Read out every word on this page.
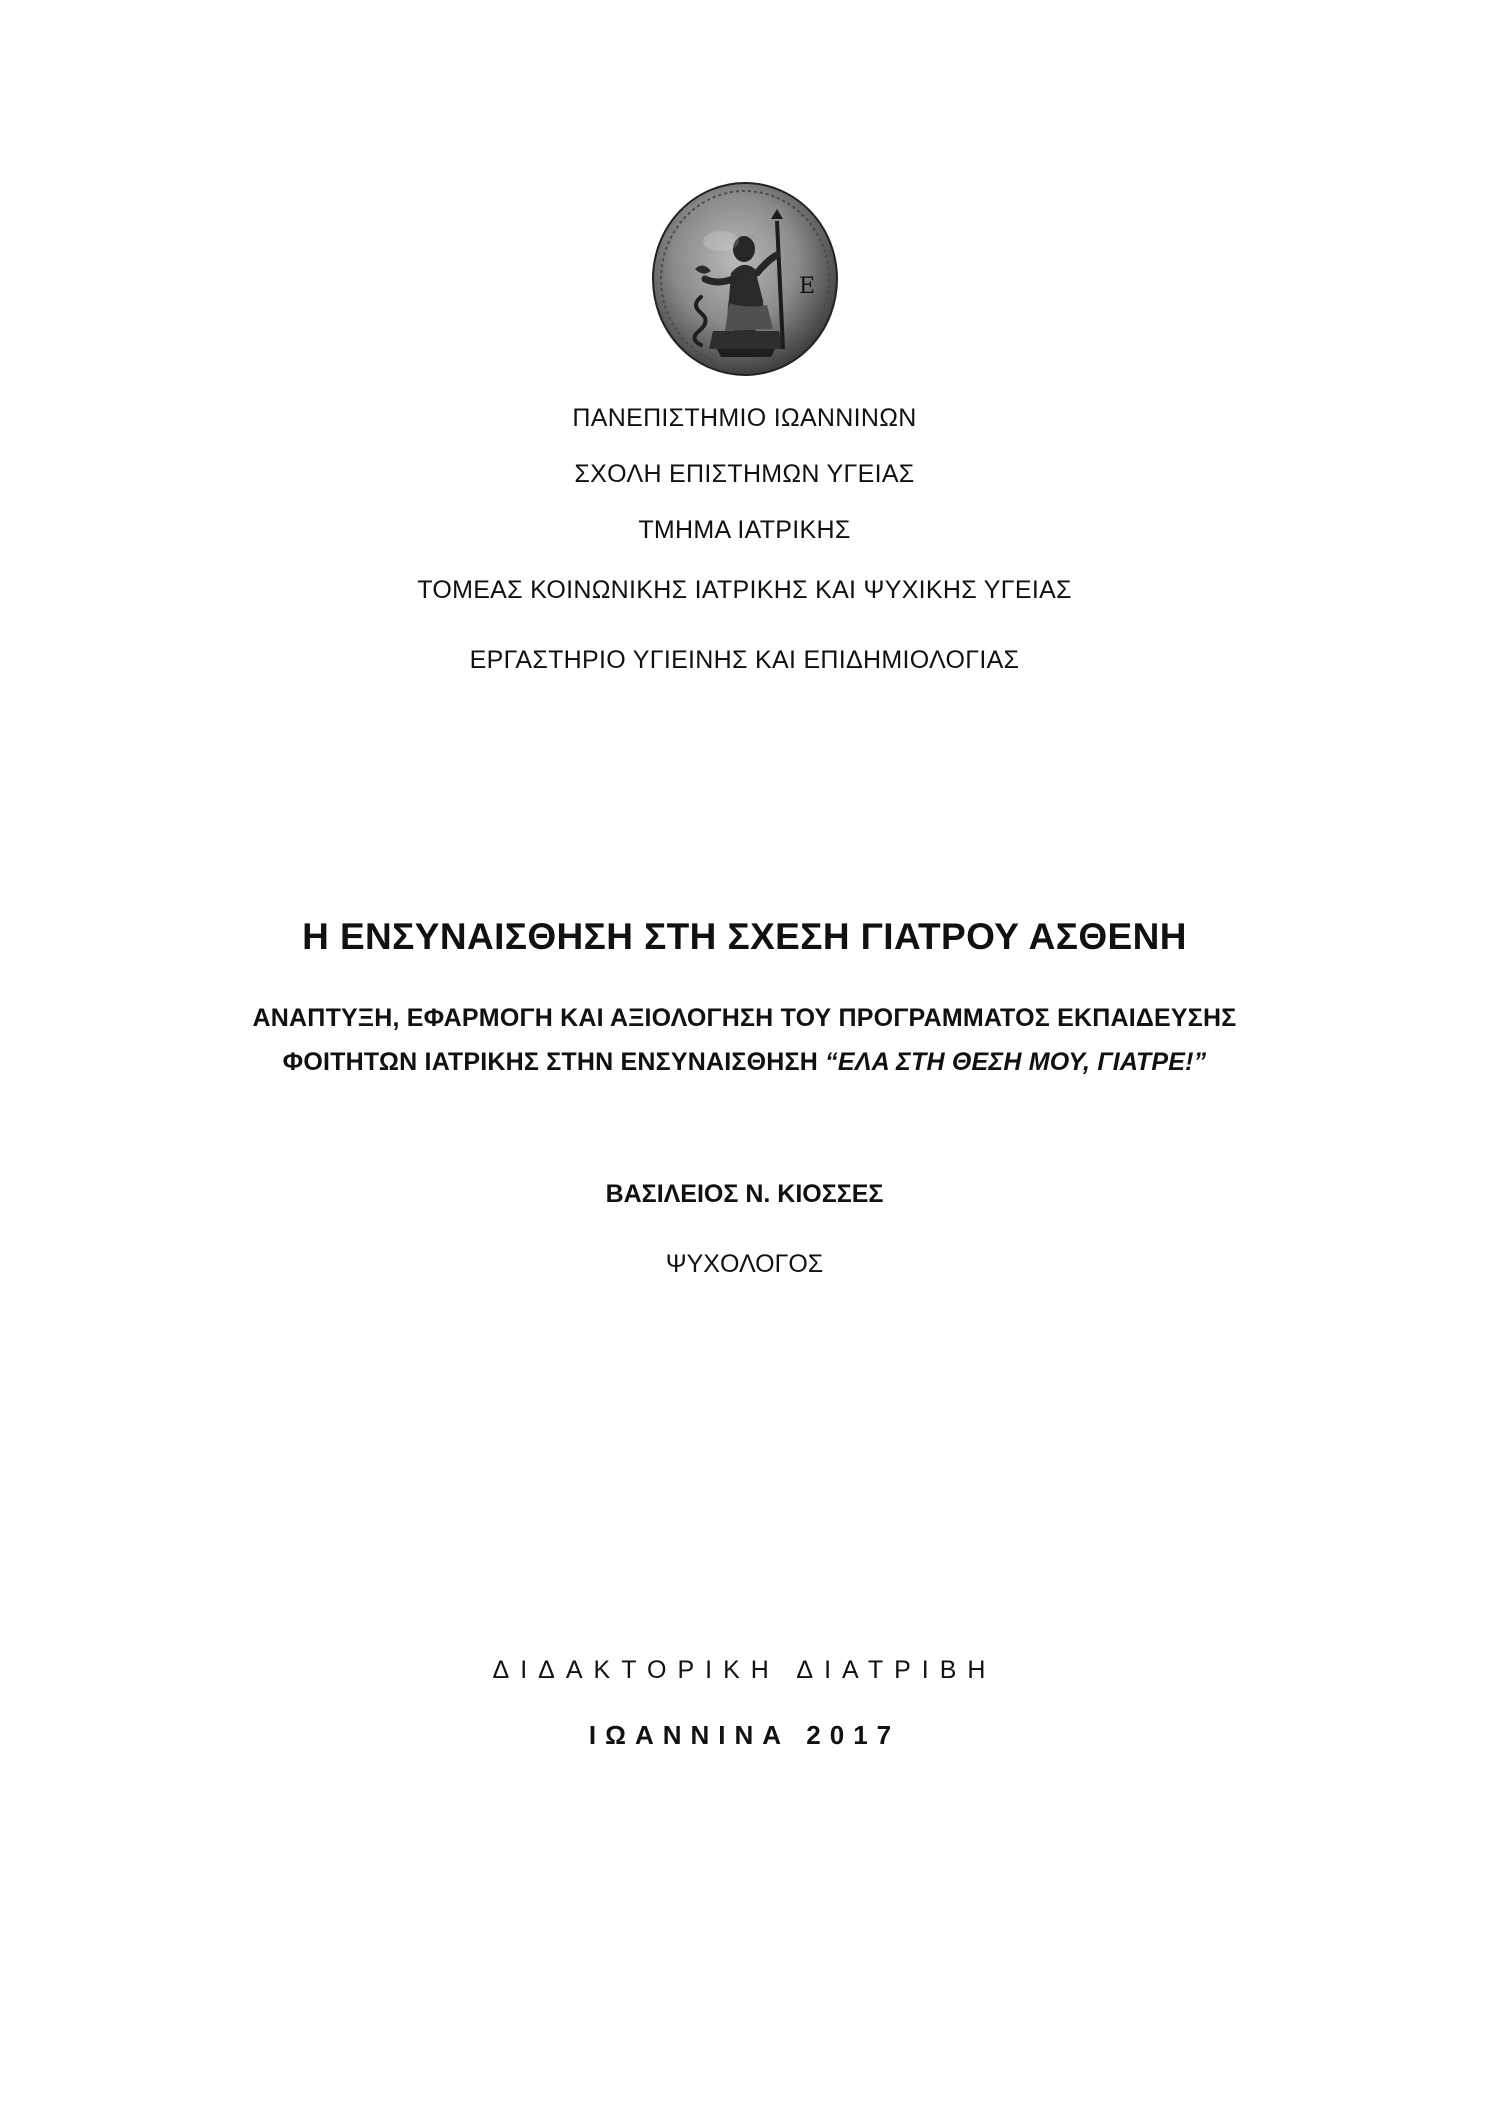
Ε
ΠΑΝΕΠΙΣΤΗΜΙΟ ΙΩΑΝΝΙΝΩΝ
ΣΧΟΛΗ ΕΠΙΣΤΗΜΩΝ ΥΓΕΙΑΣ
ΤΜΗΜΑ ΙΑΤΡΙΚΗΣ
ΤΟΜΕΑΣ ΚΟΙΝΩΝΙΚΗΣ ΙΑΤΡΙΚΗΣ ΚΑΙ ΨΥΧΙΚΗΣ ΥΓΕΙΑΣ
ΕΡΓΑΣΤΗΡΙΟ ΥΓΙΕΙΝΗΣ ΚΑΙ ΕΠΙΔΗΜΙΟΛΟΓΙΑΣ
Η ΕΝΣΥΝΑΙΣΘΗΣΗ ΣΤΗ ΣΧΕΣΗ ΓΙΑΤΡΟΥ ΑΣΘΕΝΗ
ΑΝΑΠΤΥΞΗ, ΕΦΑΡΜΟΓΗ ΚΑΙ ΑΞΙΟΛΟΓΗΣΗ ΤΟΥ ΠΡΟΓΡΑΜΜΑΤΟΣ ΕΚΠΑΙΔΕΥΣΗΣ
ΦΟΙΤΗΤΩΝ ΙΑΤΡΙΚΗΣ ΣΤΗΝ ΕΝΣΥΝΑΙΣΘΗΣΗ “ΕΛΑ ΣΤΗ ΘΕΣΗ ΜΟΥ, ΓΙΑΤΡΕ!”
ΒΑΣΙΛΕΙΟΣ Ν. ΚΙΟΣΣΕΣ
ΨΥΧΟΛΟΓΟΣ
ΔΙΔΑΚΤΟΡΙΚΗ ΔΙΑΤΡΙΒΗ
ΙΩΑΝΝΙΝΑ 2017
